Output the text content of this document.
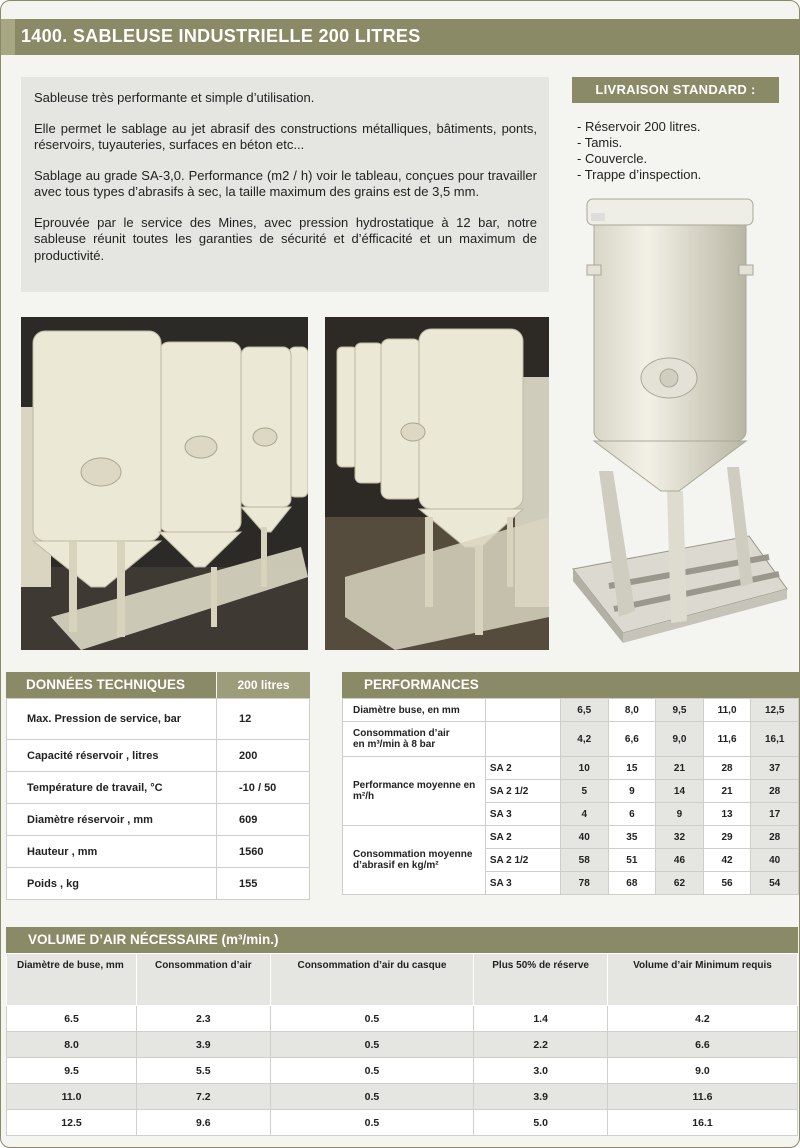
1400. SABLEUSE INDUSTRIELLE 200 LITRES

Sableuse très performante et simple d’utilisation.

Elle permet le sablage au jet abrasif des constructions métalliques, bâtiments, ponts, réservoirs, tuyauteries, surfaces en béton etc...

Sablage au grade SA-3,0. Performance (m2 / h) voir le tableau, conçues pour travailler avec tous types d’abrasifs à sec, la taille maximum des grains est de 3,5 mm.

Eprouvée par le service des Mines, avec pression hydrostatique à 12 bar, notre sableuse réunit toutes les garanties de sécurité et d’éfficacité et un maximum de productivité.

LIVRAISON STANDARD :
- Réservoir 200 litres.
- Tamis.
- Couvercle.
- Trappe d’inspection.
DONNÉES TECHNIQUES	200 litres
Max. Pression de service, bar	12
Capacité réservoir , litres	200
Température de travail, °C	-10 / 50
Diamètre réservoir , mm	609
Hauteur , mm	1560
Poids , kg	155
PERFORMANCES
Diamètre buse, en mm		6,5	8,0	9,5	11,0	12,5

Consommation d’air
en m³/min à 8 bar		4,2	6,6	9,0	11,6	16,1
Performance moyenne en m²/h	SA 2	10	15	21	28	37
	SA 2 1/2	5	9	14	21	28
	SA 3	4	6	9	13	17
Consommation moyenne d’abrasif en kg/m²	SA 2	40	35	32	29	28
	SA 2 1/2	58	51	46	42	40
	SA 3	78	68	62	56	54
VOLUME D’AIR NÉCESSAIRE (m³/min.)
Diamètre de buse, mm	Consommation d’air	Consommation d’air du casque	Plus 50% de réserve	Volume d’air Minimum requis
6.5	2.3	0.5	1.4	4.2
8.0	3.9	0.5	2.2	6.6
9.5	5.5	0.5	3.0	9.0
11.0	7.2	0.5	3.9	11.6
12.5	9.6	0.5	5.0	16.1
